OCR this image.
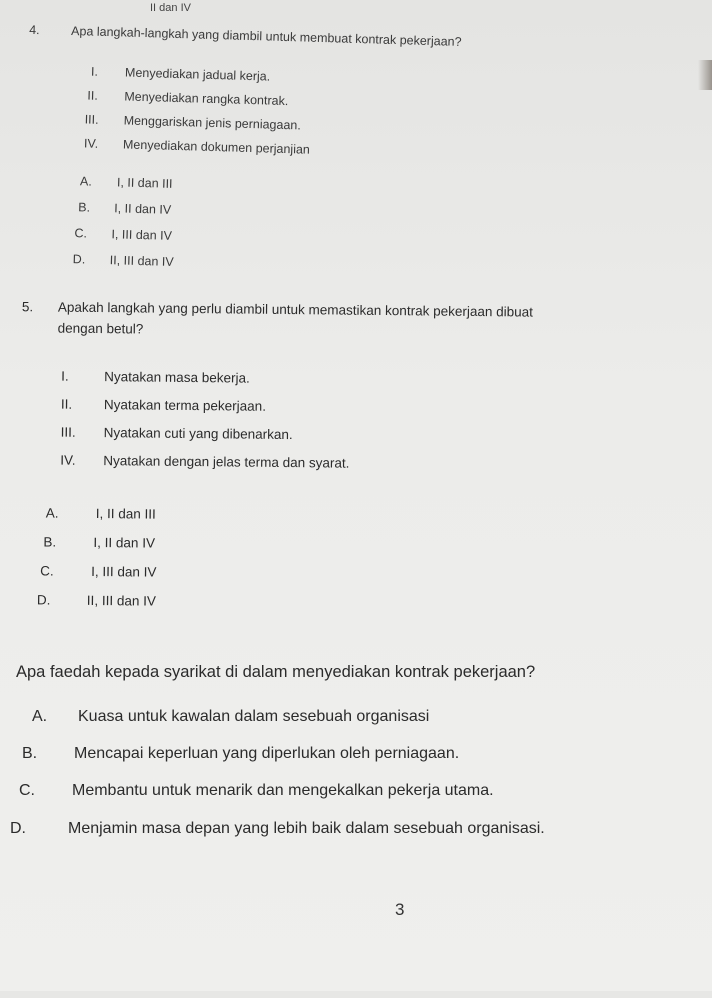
II dan IV
4. Apa langkah-langkah yang diambil untuk membuat kontrak pekerjaan?
I. Menyediakan jadual kerja.
II. Menyediakan rangka kontrak.
III. Menggariskan jenis perniagaan.
IV. Menyediakan dokumen perjanjian
A. I, II dan III
B. I, II dan IV
C. I, III dan IV
D. II, III dan IV
5. Apakah langkah yang perlu diambil untuk memastikan kontrak pekerjaan dibuat
dengan betul?
I.	Nyatakan masa bekerja.
II. Nyatakan terma pekerjaan.
III. Nyatakan cuti yang dibenarkan.
IV. Nyatakan dengan jelas terma dan syarat.
A.	I, II dan III
B.	I, II dan IV
C.	I, III dan IV
D.	II, III dan IV
Apa faedah kepada syarikat di dalam menyediakan kontrak pekerjaan?
A. Kuasa untuk kawalan dalam sesebuah organisasi
B. Mencapai keperluan yang diperlukan oleh perniagaan.
C. Membantu untuk menarik dan mengekalkan pekerja utama.
D.	Menjamin masa depan yang lebih baik dalam sesebuah organisasi.
3
